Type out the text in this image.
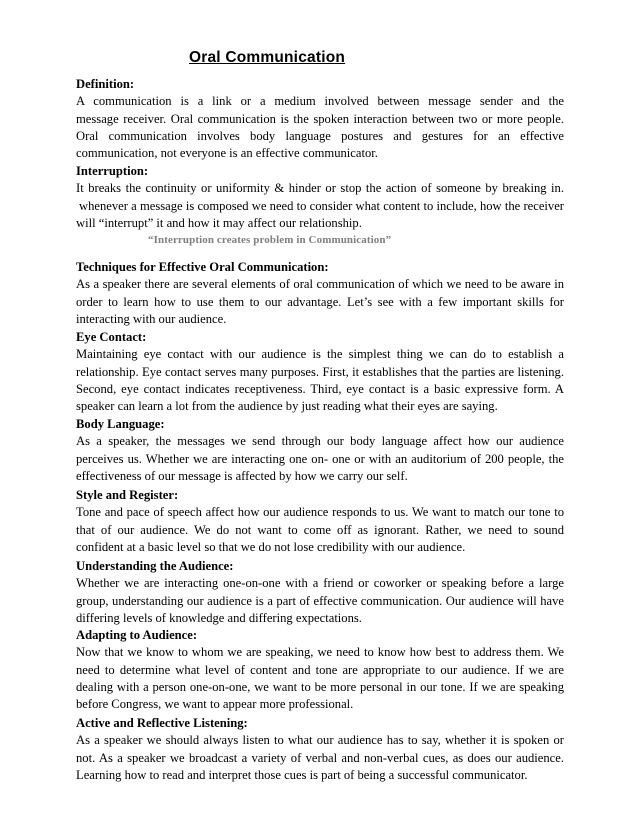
Oral Communication
Definition:
A communication is a link or a medium involved between message sender and the
message receiver. Oral communication is the spoken interaction between two or more people.
Oral communication involves body language postures and gestures for an effective
communication, not everyone is an effective communicator.
Interruption:
It breaks the continuity or uniformity & hinder or stop the action of someone by breaking in.
whenever a message is composed we need to consider what content to include, how the receiver
will “interrupt” it and how it may affect our relationship.
“Interruption creates problem in Communication”
Techniques for Effective Oral Communication:
As a speaker there are several elements of oral communication of which we need to be aware in
order to learn how to use them to our advantage. Let’s see with a few important skills for
interacting with our audience.
Eye Contact:
Maintaining eye contact with our audience is the simplest thing we can do to establish a
relationship. Eye contact serves many purposes. First, it establishes that the parties are listening.
Second, eye contact indicates receptiveness. Third, eye contact is a basic expressive form. A
speaker can learn a lot from the audience by just reading what their eyes are saying.
Body Language:
As a speaker, the messages we send through our body language affect how our audience
perceives us. Whether we are interacting one on- one or with an auditorium of 200 people, the
effectiveness of our message is affected by how we carry our self.
Style and Register:
Tone and pace of speech affect how our audience responds to us. We want to match our tone to
that of our audience. We do not want to come off as ignorant. Rather, we need to sound
confident at a basic level so that we do not lose credibility with our audience.
Understanding the Audience:
Whether we are interacting one-on-one with a friend or coworker or speaking before a large
group, understanding our audience is a part of effective communication. Our audience will have
differing levels of knowledge and differing expectations.
Adapting to Audience:
Now that we know to whom we are speaking, we need to know how best to address them. We
need to determine what level of content and tone are appropriate to our audience. If we are
dealing with a person one-on-one, we want to be more personal in our tone. If we are speaking
before Congress, we want to appear more professional.
Active and Reflective Listening:
As a speaker we should always listen to what our audience has to say, whether it is spoken or
not. As a speaker we broadcast a variety of verbal and non-verbal cues, as does our audience.
Learning how to read and interpret those cues is part of being a successful communicator.
